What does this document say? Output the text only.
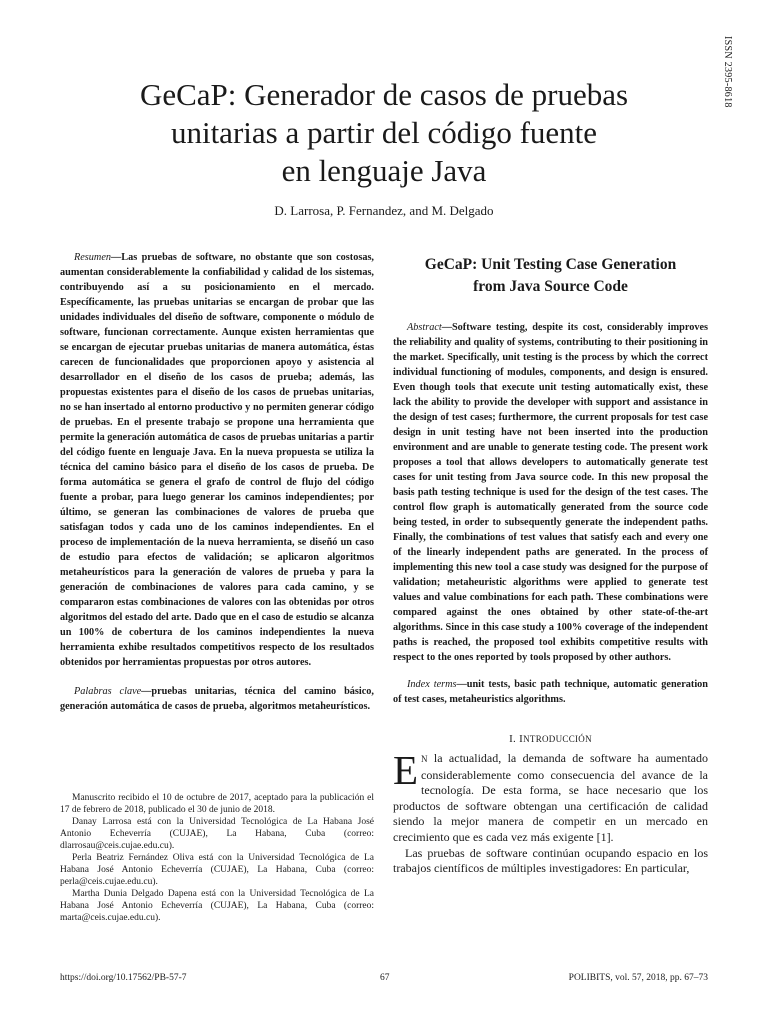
ISSN 2395-8618
GeCaP: Generador de casos de pruebas
unitarias a partir del código fuente
en lenguaje Java
D. Larrosa, P. Fernandez, and M. Delgado

Resumen—Las pruebas de software, no obstante que son costosas, aumentan considerablemente la confiabilidad y calidad de los sistemas, contribuyendo así a su posicionamiento en el mercado. Específicamente, las pruebas unitarias se encargan de probar que las unidades individuales del diseño de software, componente o módulo de software, funcionan correctamente. Aunque existen herramientas que se encargan de ejecutar pruebas unitarias de manera automática, éstas carecen de funcionalidades que proporcionen apoyo y asistencia al desarrollador en el diseño de los casos de prueba; además, las propuestas existentes para el diseño de los casos de pruebas unitarias, no se han insertado al entorno productivo y no permiten generar código de pruebas. En el presente trabajo se propone una herramienta que permite la generación automática de casos de pruebas unitarias a partir del código fuente en lenguaje Java. En la nueva propuesta se utiliza la técnica del camino básico para el diseño de los casos de prueba. De forma automática se genera el grafo de control de flujo del código fuente a probar, para luego generar los caminos independientes; por último, se generan las combinaciones de valores de prueba que satisfagan todos y cada uno de los caminos independientes. En el proceso de implementación de la nueva herramienta, se diseñó un caso de estudio para efectos de validación; se aplicaron algoritmos metaheurísticos para la generación de valores de prueba y para la generación de combinaciones de valores para cada camino, y se compararon estas combinaciones de valores con las obtenidas por otros algoritmos del estado del arte. Dado que en el caso de estudio se alcanza un 100% de cobertura de los caminos independientes la nueva herramienta exhibe resultados competitivos respecto de los resultados obtenidos por herramientas propuestas por otros autores.

Palabras clave—pruebas unitarias, técnica del camino básico, generación automática de casos de prueba, algoritmos metaheurísticos.

Manuscrito recibido el 10 de octubre de 2017, aceptado para la publicación el 17 de febrero de 2018, publicado el 30 de junio de 2018.

Danay Larrosa está con la Universidad Tecnológica de La Habana José Antonio Echeverría (CUJAE), La Habana, Cuba (correo: dlarrosau@ceis.cujae.edu.cu).

Perla Beatriz Fernández Oliva está con la Universidad Tecnológica de La Habana José Antonio Echeverría (CUJAE), La Habana, Cuba (correo: perla@ceis.cujae.edu.cu).

Martha Dunia Delgado Dapena está con la Universidad Tecnológica de La Habana José Antonio Echeverría (CUJAE), La Habana, Cuba (correo: marta@ceis.cujae.edu.cu).

GeCaP: Unit Testing Case Generation
from Java Source Code

Abstract—Software testing, despite its cost, considerably improves the reliability and quality of systems, contributing to their positioning in the market. Specifically, unit testing is the process by which the correct individual functioning of modules, components, and design is ensured. Even though tools that execute unit testing automatically exist, these lack the ability to provide the developer with support and assistance in the design of test cases; furthermore, the current proposals for test case design in unit testing have not been inserted into the production environment and are unable to generate testing code. The present work proposes a tool that allows developers to automatically generate test cases for unit testing from Java source code. In this new proposal the basis path testing technique is used for the design of the test cases. The control flow graph is automatically generated from the source code being tested, in order to subsequently generate the independent paths. Finally, the combinations of test values that satisfy each and every one of the linearly independent paths are generated. In the process of implementing this new tool a case study was designed for the purpose of validation; metaheuristic algorithms were applied to generate test values and value combinations for each path. These combinations were compared against the ones obtained by other state-of-the-art algorithms. Since in this case study a 100% coverage of the independent paths is reached, the proposed tool exhibits competitive results with respect to the ones reported by tools proposed by other authors.

Index terms—unit tests, basic path technique, automatic generation of test cases, metaheuristics algorithms.

I. INTRODUCCIÓN

EN la actualidad, la demanda de software ha aumentado considerablemente como consecuencia del avance de la tecnología. De esta forma, se hace necesario que los productos de software obtengan una certificación de calidad siendo la mejor manera de competir en un mercado en crecimiento que es cada vez más exigente [1].

Las pruebas de software continúan ocupando espacio en los trabajos científicos de múltiples investigadores: En particular,

https://doi.org/10.17562/PB-57-7	67	POLIBITS, vol. 57, 2018, pp. 67–73
